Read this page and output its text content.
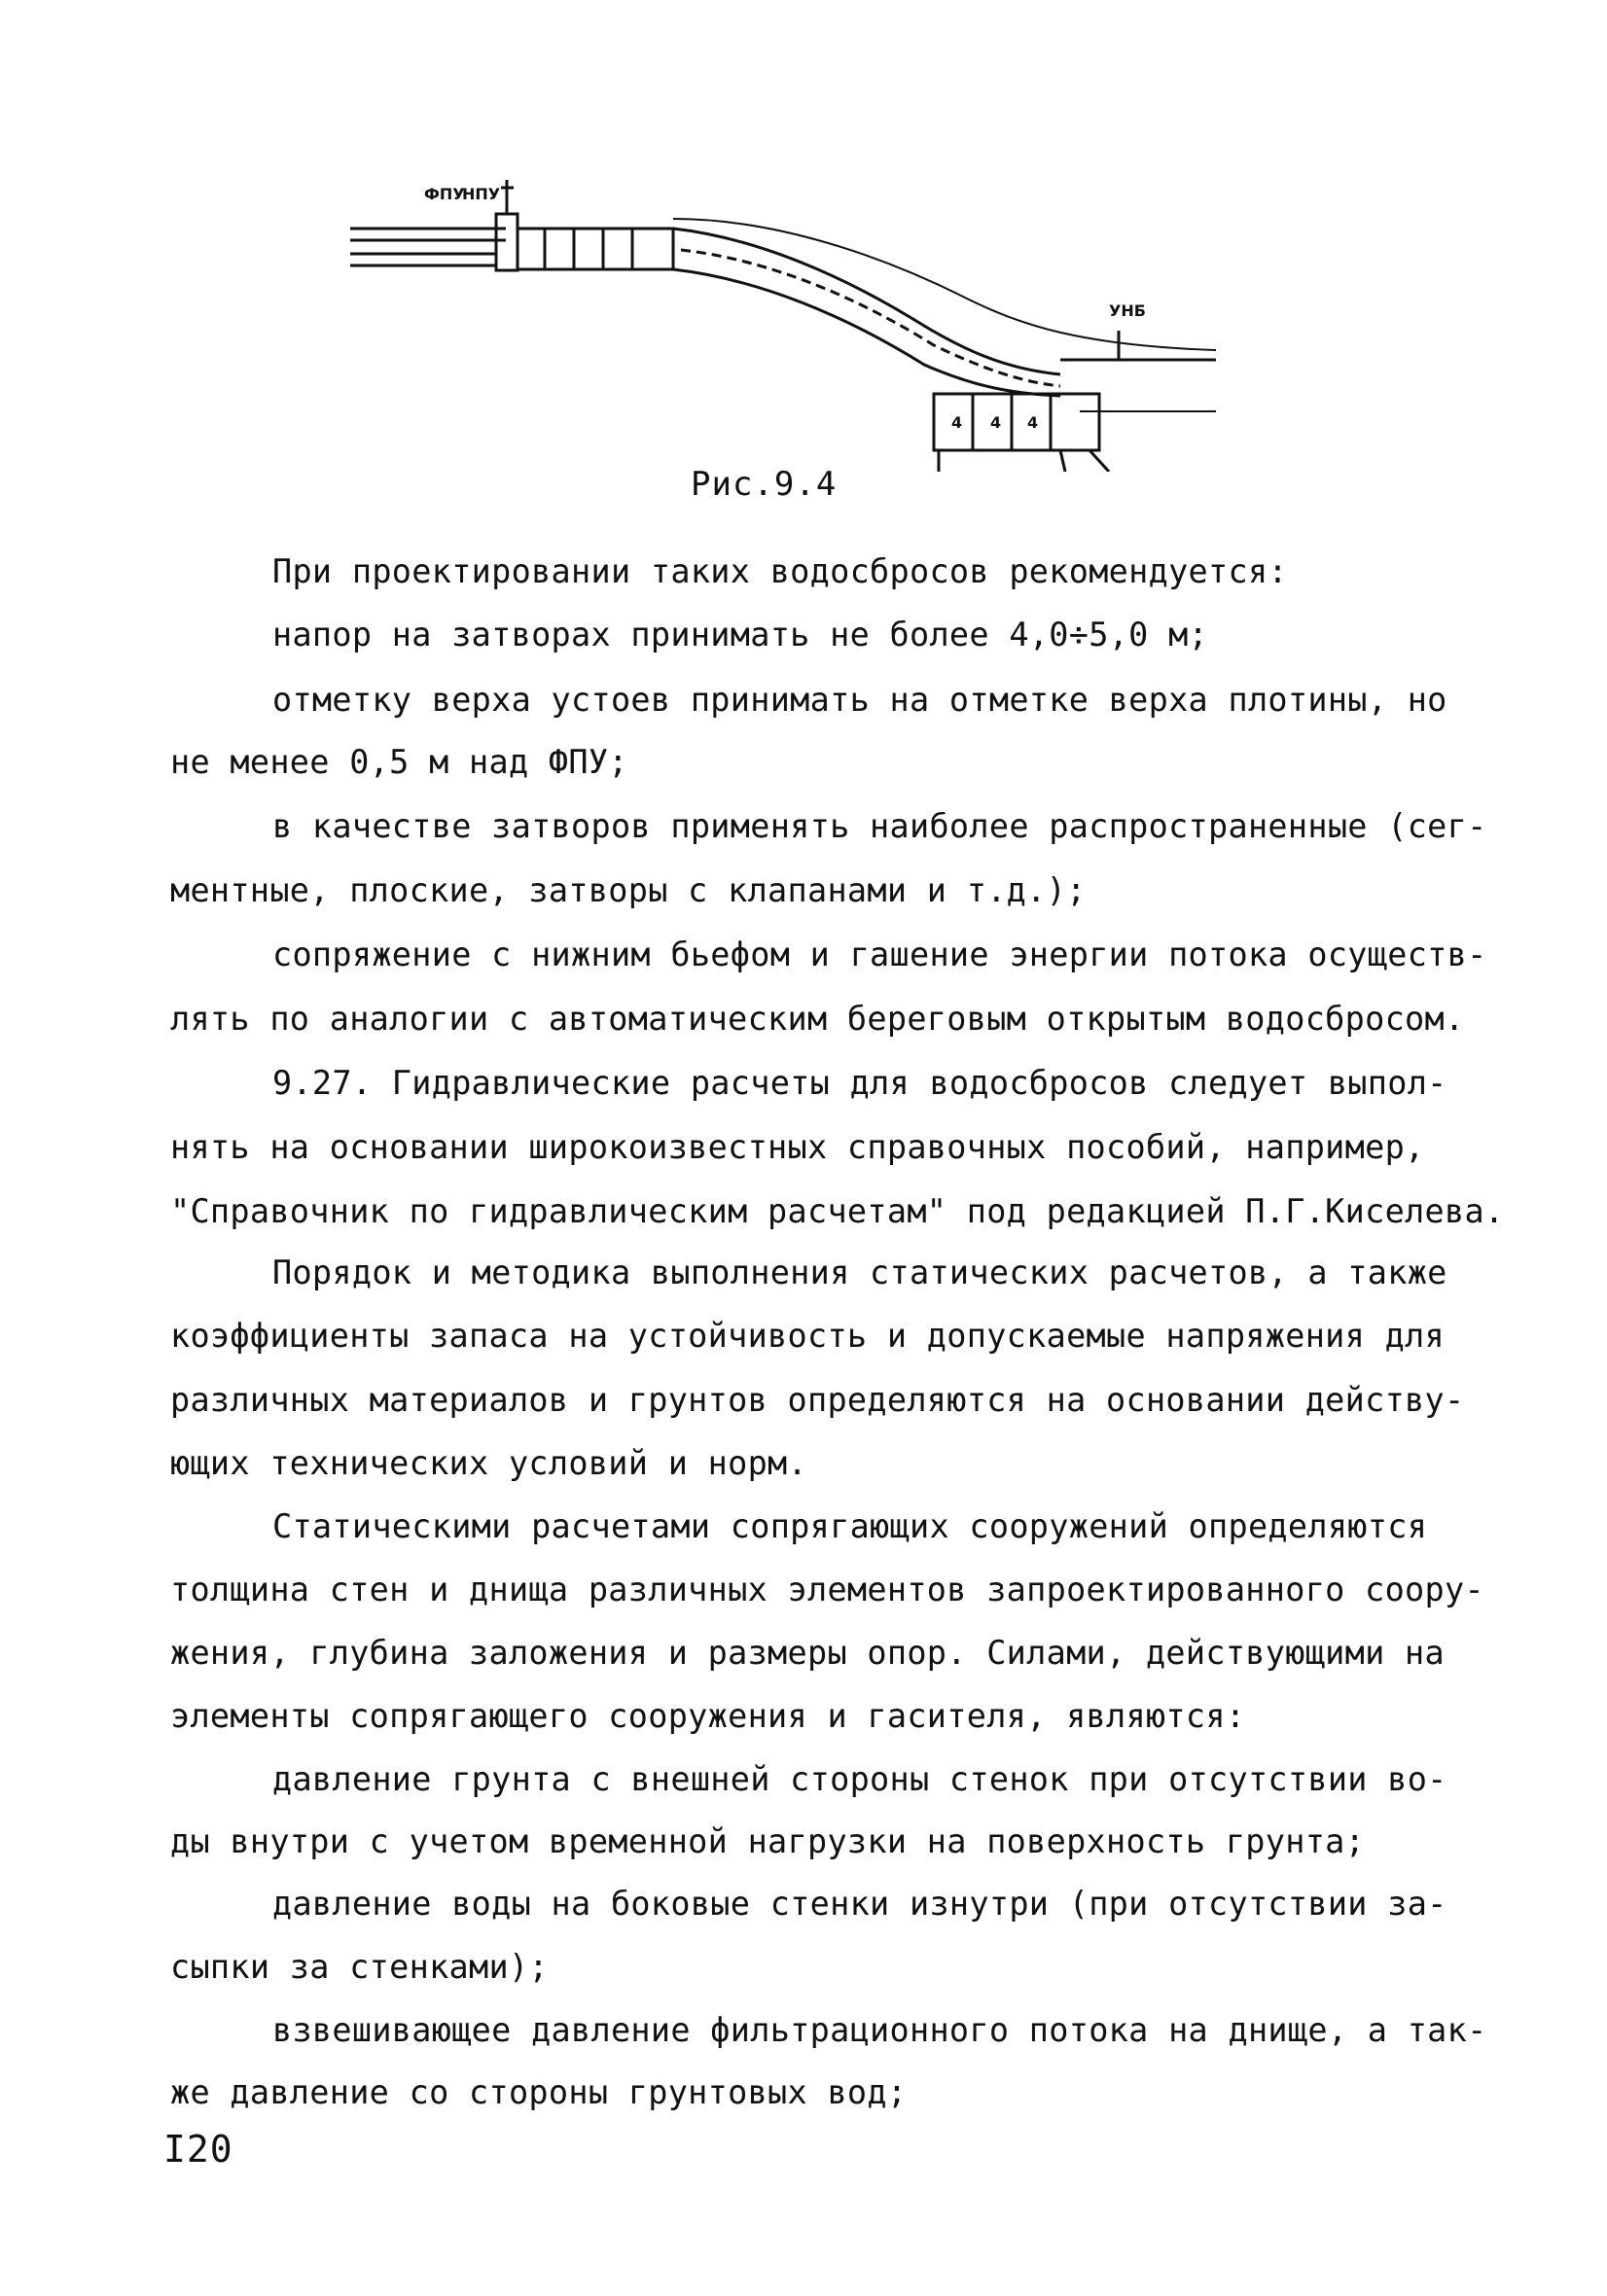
ФПУ
НПУ
УНБ
4 4 4
Рис.9.4
При проектировании таких водосбросов рекомендуется:
напор на затворах принимать не более 4,0÷5,0 м;
отметку верха устоев принимать на отметке верха плотины, но
не менее 0,5 м над ФПУ;
в качестве затворов применять наиболее распространенные (сег-
ментные, плоские, затворы с клапанами и т.д.);
сопряжение с нижним бьефом и гашение энергии потока осуществ-
лять по аналогии с автоматическим береговым открытым водосбросом.
9.27. Гидравлические расчеты для водосбросов следует выпол-
нять на основании широкоизвестных справочных пособий, например,
"Справочник по гидравлическим расчетам" под редакцией П.Г.Киселева.
Порядок и методика выполнения статических расчетов, а также
коэффициенты запаса на устойчивость и допускаемые напряжения для
различных материалов и грунтов определяются на основании действу-
ющих технических условий и норм.
Статическими расчетами сопрягающих сооружений определяются
толщина стен и днища различных элементов запроектированного соору-
жения, глубина заложения и размеры опор. Силами, действующими на
элементы сопрягающего сооружения и гасителя, являются:
давление грунта с внешней стороны стенок при отсутствии во-
ды внутри с учетом временной нагрузки на поверхность грунта;
давление воды на боковые стенки изнутри (при отсутствии за-
сыпки за стенками);
взвешивающее давление фильтрационного потока на днище, а так-
же давление со стороны грунтовых вод;
I20
